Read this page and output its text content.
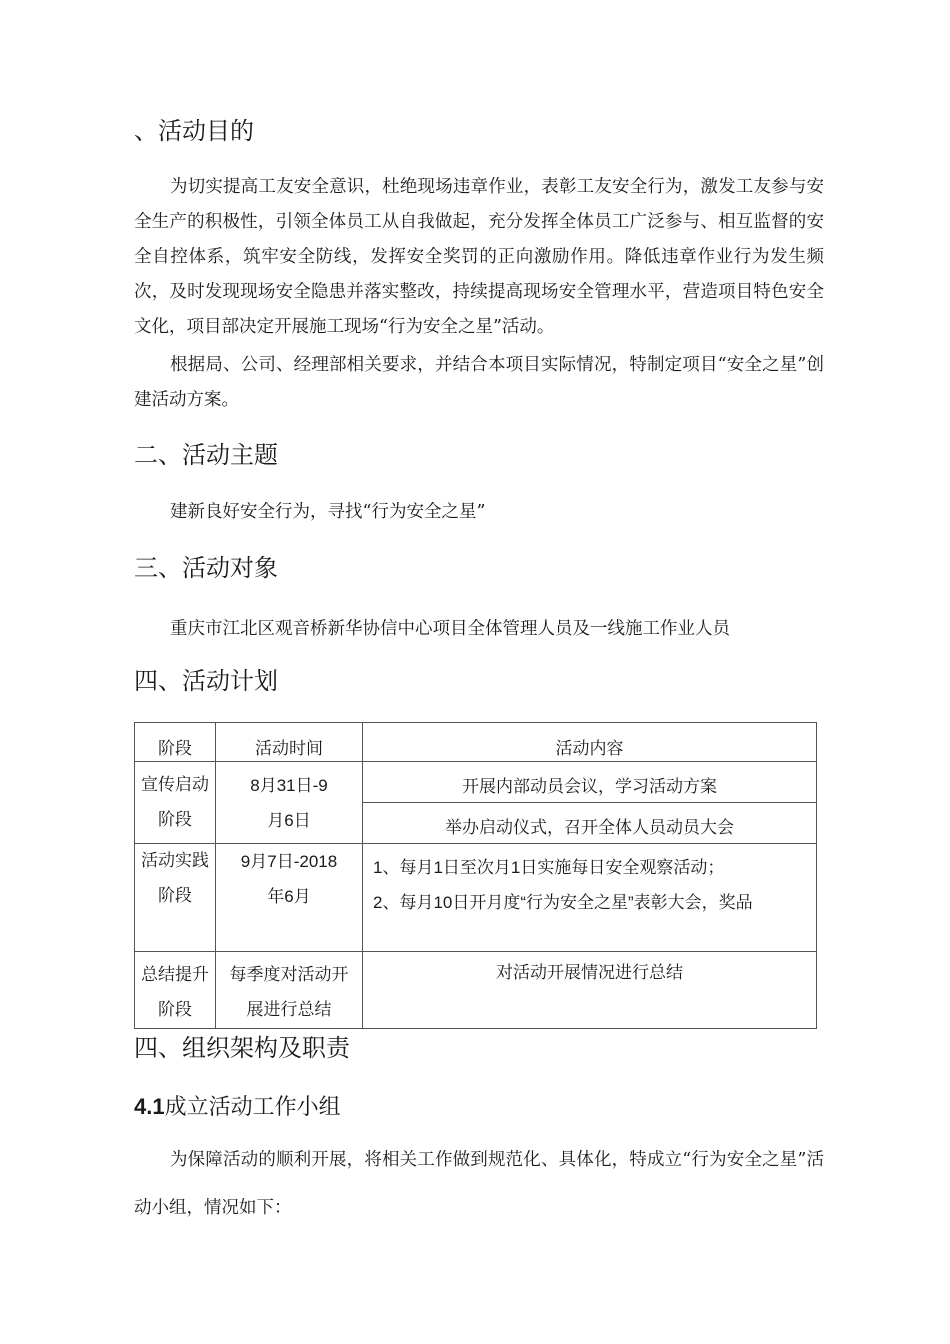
、活动目的

为切实提高工友安全意识，杜绝现场违章作业，表彰工友安全行为，激发工友参与安全生产的积极性，引领全体员工从自我做起，充分发挥全体员工广泛参与、相互监督的安全自控体系，筑牢安全防线，发挥安全奖罚的正向激励作用。降低违章作业行为发生频次，及时发现现场安全隐患并落实整改，持续提高现场安全管理水平，营造项目特色安全文化，项目部决定开展施工现场“行为安全之星”活动。

根据局、公司、经理部相关要求，并结合本项目实际情况，特制定项目“安全之星”创建活动方案。

二、活动主题

建新良好安全行为，寻找“行为安全之星”

三、活动对象

重庆市江北区观音桥新华协信中心项目全体管理人员及一线施工作业人员

四、活动计划
阶段	活动时间	活动内容

宣传启动阶段	8月31日-9月6日	开展内部动员会议，学习活动方案

		举办启动仪式，召开全体人员动员大会

活动实践阶段	9月7日-2018年6月	1、每月1日至次月1日实施每日安全观察活动；
2、每月10日开月度“行为安全之星”表彰大会，奖品

总结提升阶段	每季度对活动开展进行总结	对活动开展情况进行总结
四、组织架构及职责
4.1成立活动工作小组

为保障活动的顺利开展，将相关工作做到规范化、具体化，特成立“行为安全之星”活动小组，情况如下：
